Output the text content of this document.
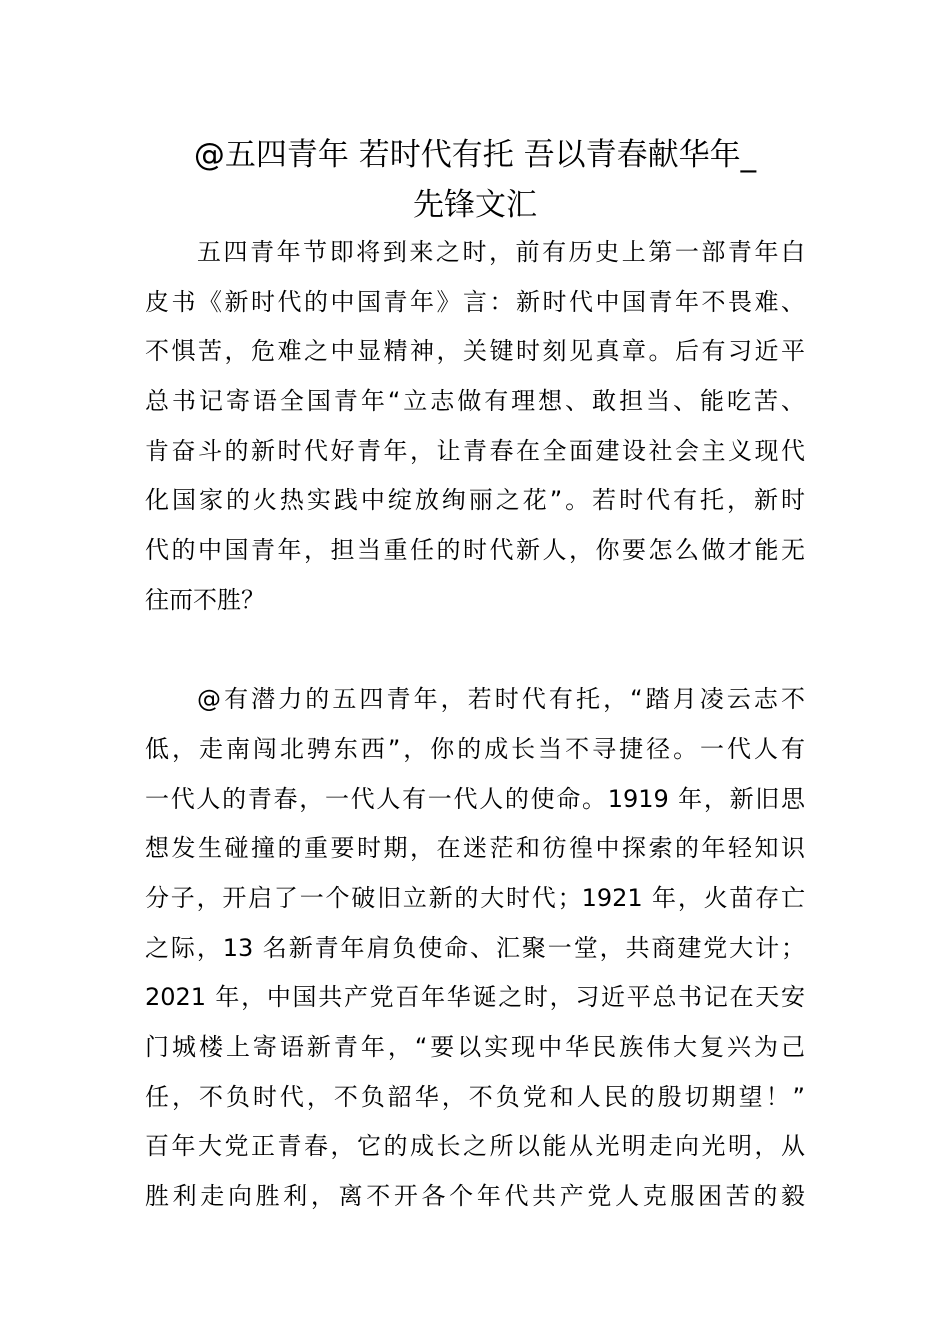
@五四青年 若时代有托 吾以青春献华年_
先锋文汇
五四青年节即将到来之时，前有历史上第一部青年白
皮书《新时代的中国青年》言：新时代中国青年不畏难、
不惧苦，危难之中显精神，关键时刻见真章。后有习近平
总书记寄语全国青年“立志做有理想、敢担当、能吃苦、
肯奋斗的新时代好青年，让青春在全面建设社会主义现代
化国家的火热实践中绽放绚丽之花”。若时代有托，新时
代的中国青年，担当重任的时代新人，你要怎么做才能无
往而不胜？
@有潜力的五四青年，若时代有托，“踏月凌云志不
低，走南闯北骋东西”，你的成长当不寻捷径。一代人有
一代人的青春，一代人有一代人的使命。1919 年，新旧思
想发生碰撞的重要时期，在迷茫和彷徨中探索的年轻知识
分子，开启了一个破旧立新的大时代；1921 年，火苗存亡
之际，13 名新青年肩负使命、汇聚一堂，共商建党大计；
2021 年，中国共产党百年华诞之时，习近平总书记在天安
门城楼上寄语新青年，“要以实现中华民族伟大复兴为己
任，不负时代，不负韶华，不负党和人民的殷切期望！”
百年大党正青春，它的成长之所以能从光明走向光明，从
胜利走向胜利，离不开各个年代共产党人克服困苦的毅
